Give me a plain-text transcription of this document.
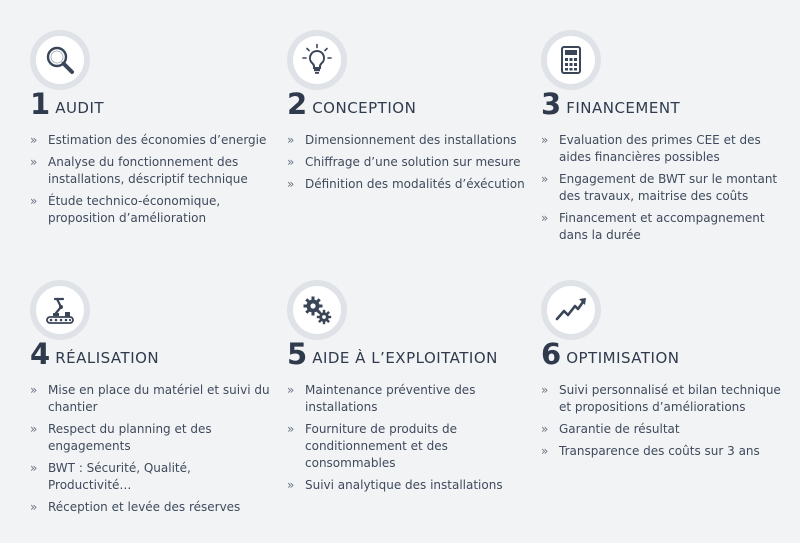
1 AUDIT
» Estimation des économies d’energie
» Analyse du fonctionnement des installations, déscriptif technique
» Étude technico-économique, proposition d’amélioration
2 CONCEPTION
» Dimensionnement des installations
» Chiffrage d’une solution sur mesure
» Définition des modalités d’éxécution
3 FINANCEMENT
» Evaluation des primes CEE et des aides financières possibles
» Engagement de BWT sur le montant des travaux, maitrise des coûts
» Financement et accompagnement dans la durée
4 RÉALISATION
» Mise en place du matériel et suivi du chantier
» Respect du planning et des engagements
» BWT : Sécurité, Qualité, Productivité…
» Réception et levée des réserves
5 AIDE À L’EXPLOITATION
» Maintenance préventive des installations
» Fourniture de produits de conditionnement et des consommables
» Suivi analytique des installations
6 OPTIMISATION
» Suivi personnalisé et bilan technique et propositions d’améliorations
» Garantie de résultat
» Transparence des coûts sur 3 ans
